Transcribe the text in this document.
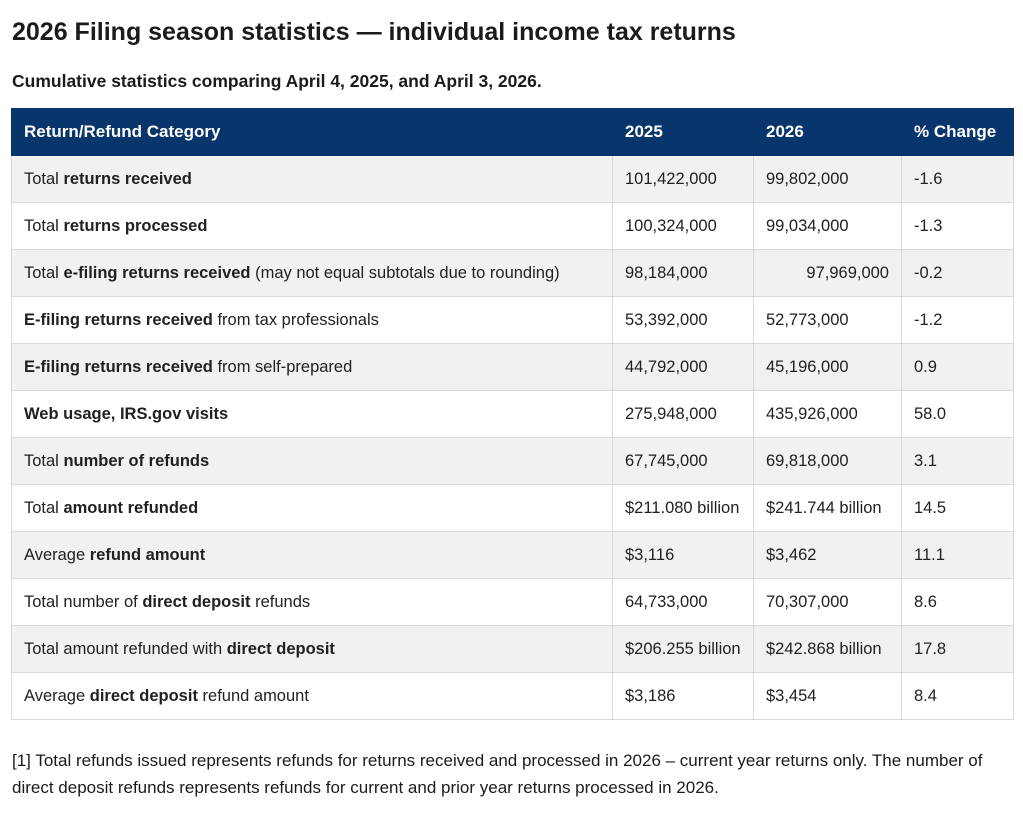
2026 Filing season statistics — individual income tax returns

Cumulative statistics comparing April 4, 2025, and April 3, 2026.

Return/Refund Category	2025	2026	% Change
Total returns received	101,422,000	99,802,000	-1.6
Total returns processed	100,324,000	99,034,000	-1.3
Total e-filing returns received (may not equal subtotals due to rounding)	98,184,000	97,969,000	-0.2
E-filing returns received from tax professionals	53,392,000	52,773,000	-1.2
E-filing returns received from self-prepared	44,792,000	45,196,000	0.9
Web usage, IRS.gov visits	275,948,000	435,926,000	58.0
Total number of refunds	67,745,000	69,818,000	3.1
Total amount refunded	$211.080 billion	$241.744 billion	14.5
Average refund amount	$3,116	$3,462	11.1
Total number of direct deposit refunds	64,733,000	70,307,000	8.6
Total amount refunded with direct deposit	$206.255 billion	$242.868 billion	17.8
Average direct deposit refund amount	$3,186	$3,454	8.4

[1] Total refunds issued represents refunds for returns received and processed in 2026 – current year returns only. The number of direct deposit refunds represents refunds for current and prior year returns processed in 2026.
